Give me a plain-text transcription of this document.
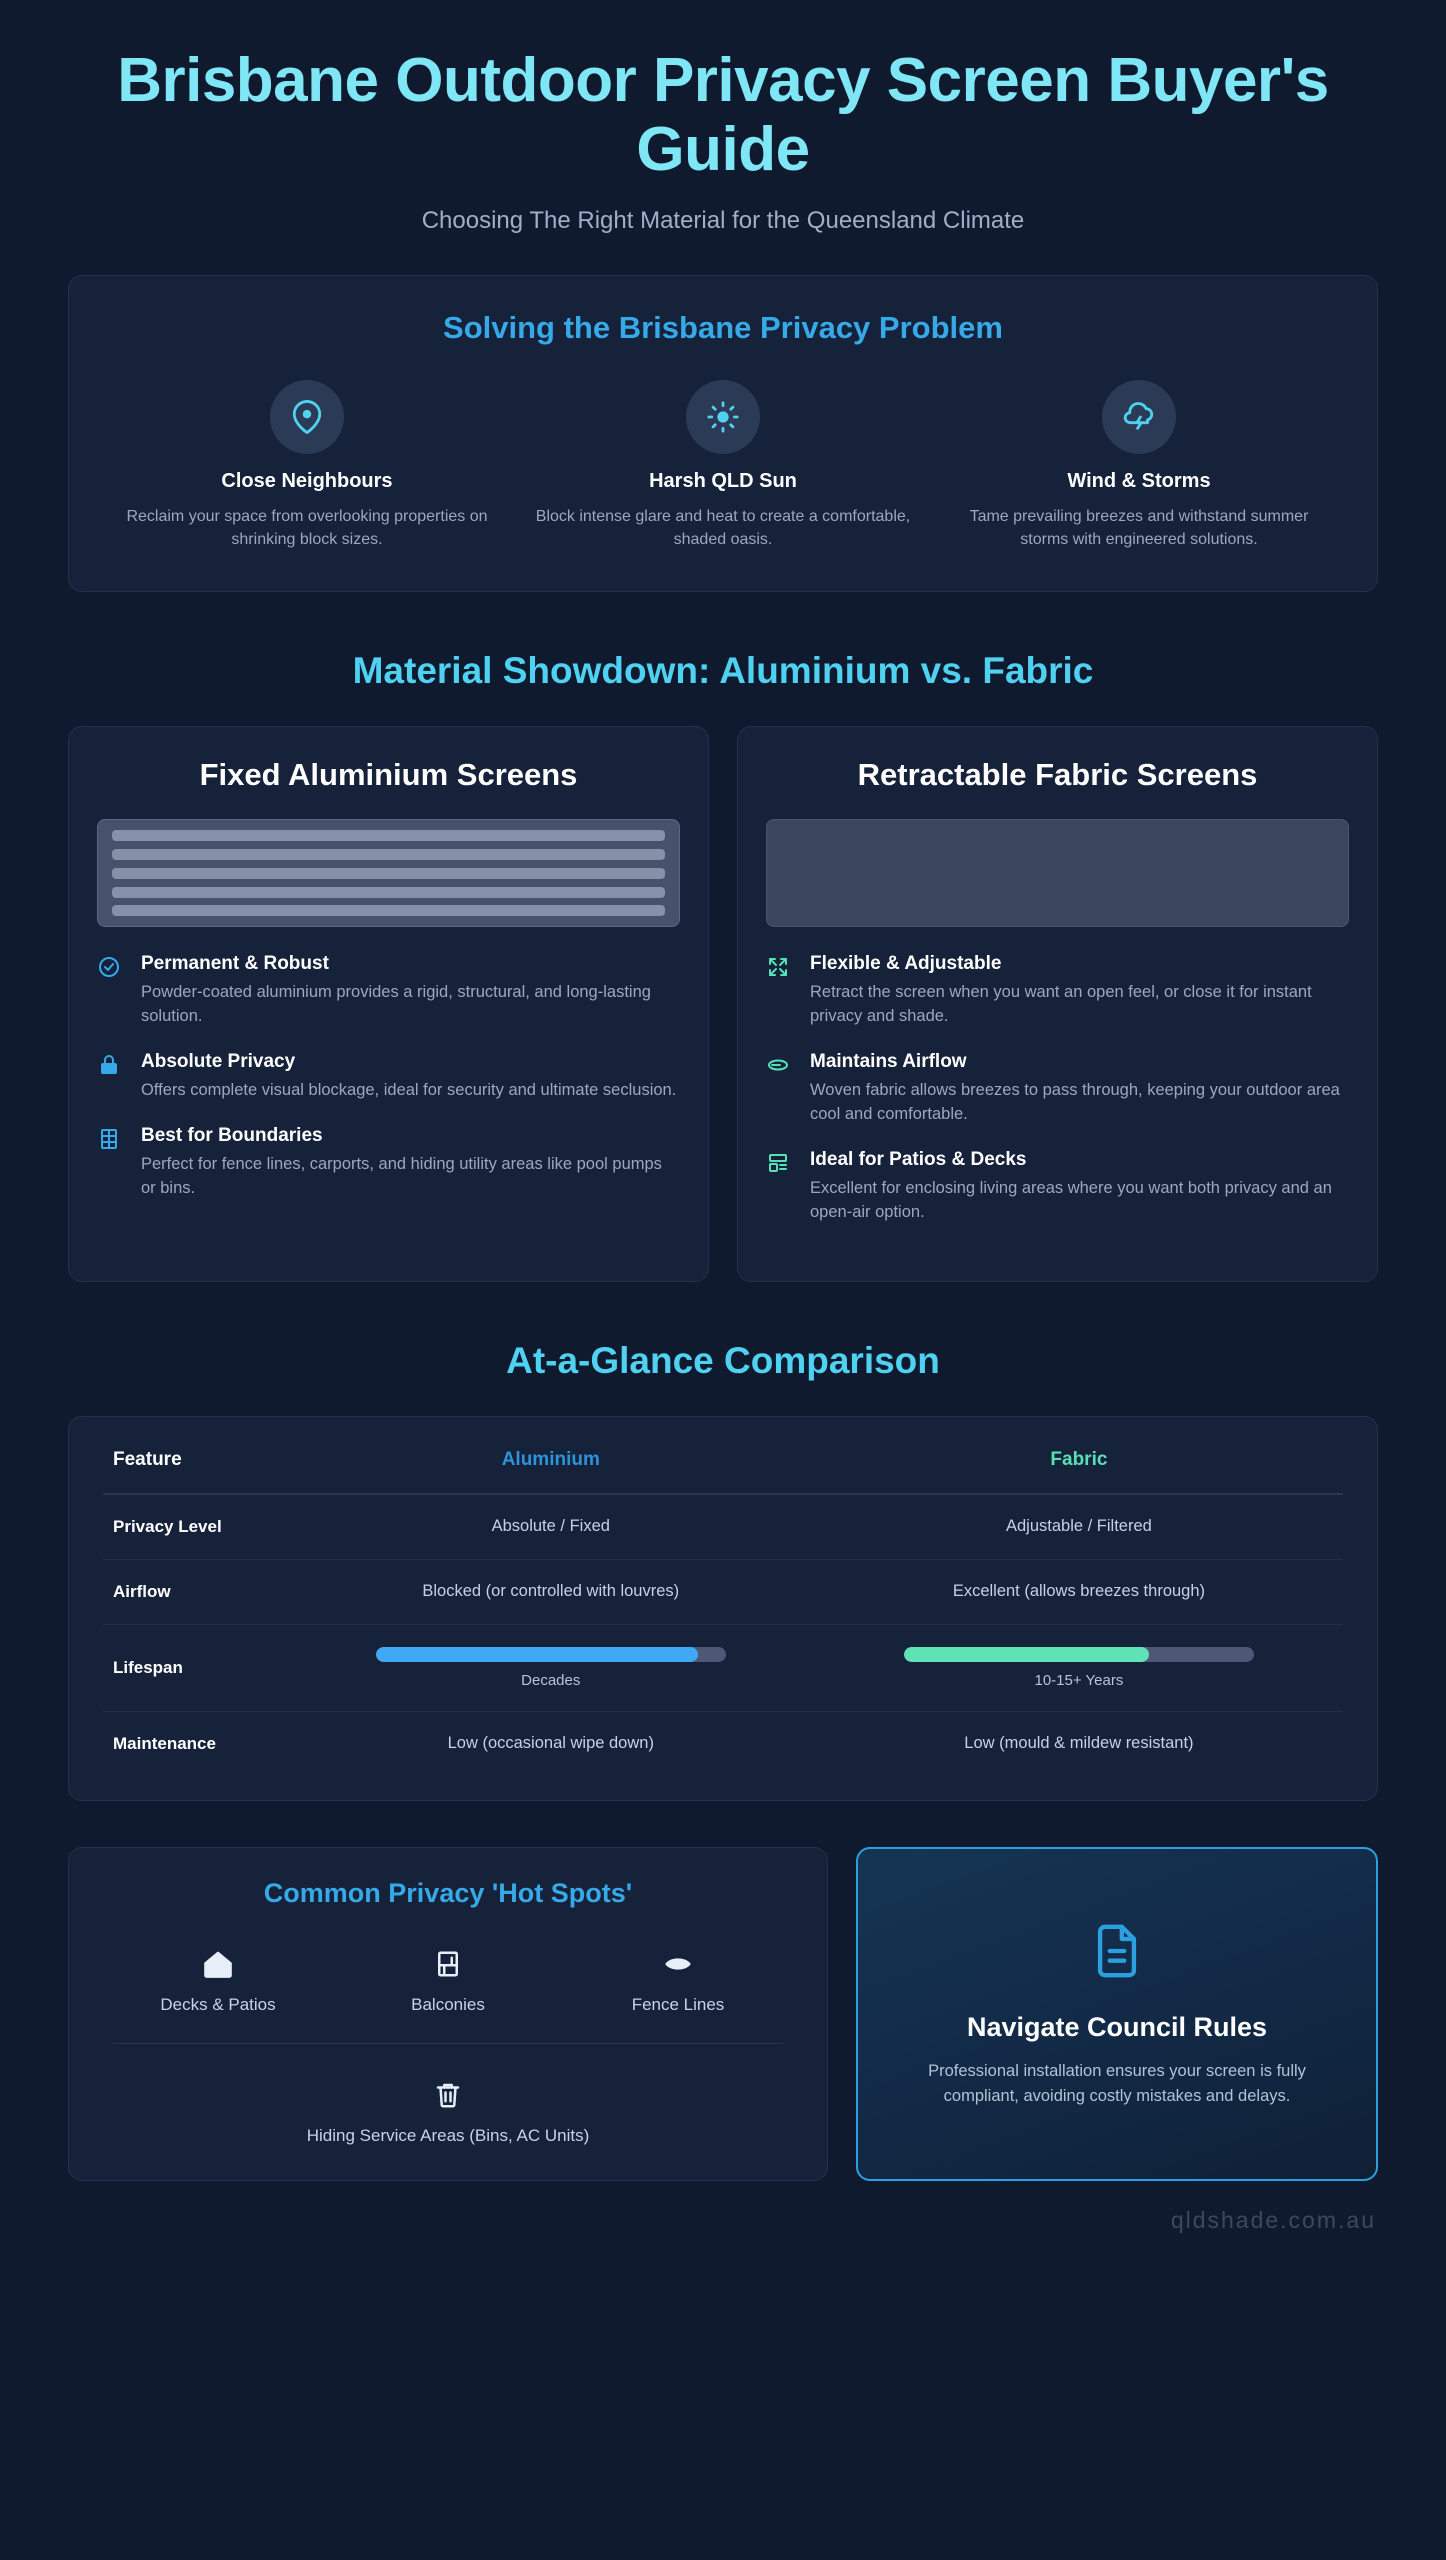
Brisbane Outdoor Privacy Screen Buyer's Guide
Choosing The Right Material for the Queensland Climate
Solving the Brisbane Privacy Problem
Close Neighbours
Reclaim your space from overlooking properties on shrinking block sizes.
Harsh QLD Sun
Block intense glare and heat to create a comfortable, shaded oasis.
Wind & Storms
Tame prevailing breezes and withstand summer storms with engineered solutions.
Material Showdown: Aluminium vs. Fabric
Fixed Aluminium Screens
Permanent & Robust
Powder-coated aluminium provides a rigid, structural, and long-lasting solution.
Absolute Privacy
Offers complete visual blockage, ideal for security and ultimate seclusion.
Best for Boundaries
Perfect for fence lines, carports, and hiding utility areas like pool pumps or bins.
Retractable Fabric Screens
Flexible & Adjustable
Retract the screen when you want an open feel, or close it for instant privacy and shade.
Maintains Airflow
Woven fabric allows breezes to pass through, keeping your outdoor area cool and comfortable.
Ideal for Patios & Decks
Excellent for enclosing living areas where you want both privacy and an open-air option.
At-a-Glance Comparison
Feature	Aluminium	Fabric
Privacy Level	Absolute / Fixed	Adjustable / Filtered
Airflow	Blocked (or controlled with louvres)	Excellent (allows breezes through)
Lifespan	Decades	10-15+ Years

Maintenance	Low (occasional wipe down)	Low (mould & mildew resistant)
Common Privacy 'Hot Spots'
Decks & Patios	Balconies	Fence Lines
Hiding Service Areas (Bins, AC Units)
Navigate Council Rules
Professional installation ensures your screen is fully compliant, avoiding costly mistakes and delays.
qldshade.com.au
